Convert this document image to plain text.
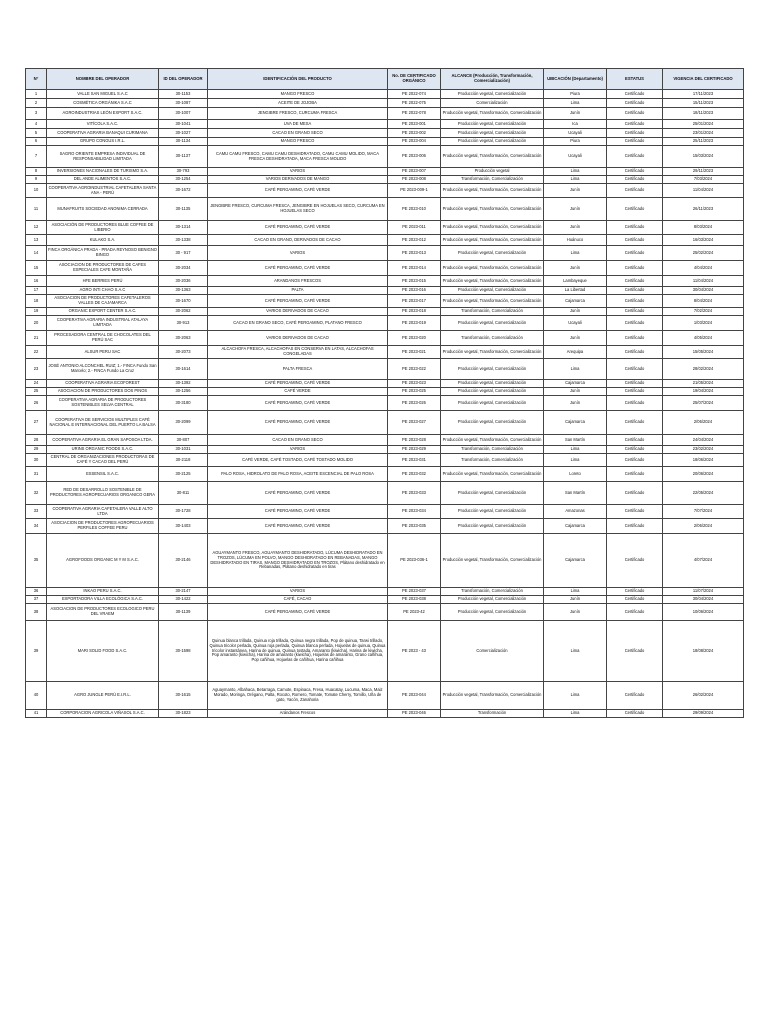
N°	NOMBRE DEL OPERADOR	ID DEL OPERADOR	IDENTIFICACIÓN DEL PRODUCTO	No. DE CERTIFICADO ORGÁNICO	ALCANCE (Producción, Transformación, Comercialización)	UBICACIÓN (Departamento)	ESTATUS	VIGENCIA DEL CERTIFICADO
1	VALLE SAN MIGUEL S.A.C	30-1153	MANGO FRESCO	PE 2022-074	Producción vegetal, Comercialización	Piura	Certificado	17/11/2023
2	COSMÉTICA ORGÁNIKA S.A.C	30-1087	ACEITE DE JOJOBA	PE 2022-075	Comercialización	Lima	Certificado	15/11/2023
3	AGROINDUSTRIAS LEÓN EXPORT S.A.C.	30-1007	JENGIBRE FRESCO, CURCUMA FRESCA	PE 2022-078	Producción vegetal, Transformación, Comercialización	Junín	Certificado	18/11/2023
4	VITÍCOLA S.A.C.	30-1041	UVA DE MESA	PE 2023-001	Producción vegetal, Comercialización	Ica	Certificado	25/01/2024
5	COOPERATIVA AGRARIA BANAQUI CURIMANA	30-1027	CACAO EN GRANO SECO	PE 2023-002	Producción vegetal, Comercialización	Ucayali	Certificado	23/01/2024
6	GRUPO CONGUS I.R.L.	30-1134	MANGO FRESCO	PE 2023-004	Producción vegetal, Comercialización	Piura	Certificado	25/11/2023
7	SAGRO ORIENTE EMPRESA INDIVIDUAL DE RESPONSABILIDAD LIMITADA	30-1137	CAMU CAMU FRESCO, CAMU CAMU DESHIDRATADO, CAMU CAMU MOLIDO, MACA FRESCA DESHIDRATADA, MACA FRESCA MOLIDO	PE 2023-006	Producción vegetal, Transformación, Comercialización	Ucayali	Certificado	15/03/2024
8	INVERSIONES NACIONALES DE TURISMO S.A.	30-793	VARIOS	PE 2023-007	Producción vegetal	Lima	Certificado	29/11/2023
9	DEL ANDE ALIMENTOS S.A.C.	30-1254	VARIOS DERIVADOS DE MANGO	PE 2023-008	Transformación, Comercialización	Lima	Certificado	7/03/2024
10	COOPERATIVA AGROINDUSTRIAL CAFETALERA SANTA ANA - PERÚ	30-1672	CAFÉ PERGAMINO, CAFÉ VERDE	PE 2023-009-1	Producción vegetal, Transformación, Comercialización	Junín	Certificado	11/04/2024
11	MUNAFRUITS SOCIEDAD ANONIMA CERRADA	30-1135	JENGIBRE FRESCO, CURCUMA FRESCA, JENGIBRE EN HOJUELAS SECO, CURCUMA EN HOJUELAS SECO	PE 2023-010	Producción vegetal, Transformación, Comercialización	Junín	Certificado	26/11/2023
12	ASOCIACIÓN DE PRODUCTORES BLUE COFFEE DE LIBERIO	30-1314	CAFÉ PERGAMINO, CAFÉ VERDE	PE 2023-011	Producción vegetal, Transformación, Comercialización	Junín	Certificado	8/03/2024
13	KULAKO S.A.	30-1338	CACAO EN GRANO, DERIVADOS DE CACAO	PE 2023-012	Producción vegetal, Transformación, Comercialización	Huánuco	Certificado	16/03/2024
14	FINCA ORGÁNICA PRADA - PRADA REYNOSO BENIGNO BINGO	30 - 917	VARIOS	PE 2023-013	Producción vegetal, Comercialización	Lima	Certificado	25/02/2024
15	ASOCIACION DE PRODUCTORES DE CAFES ESPECIALES CAFE MONTAÑA	30-2034	CAFÉ PERGAMINO, CAFÉ VERDE	PE 2023-014	Producción vegetal, Transformación, Comercialización	Junín	Certificado	4/04/2024
16	HFE BERRIES PERÚ	30-2036	ARANDANOS FRESCOS	PE 2023-015	Producción vegetal, Transformación, Comercialización	Lambayeque	Certificado	11/04/2024
17	AGRO INTI CHAO S.A.C	30-1363	PALTA	PE 2023-016	Producción vegetal, Comercialización	La Libertad	Certificado	30/04/2024
18	ASOCIACION DE PRODUCTORES CAFETALEROS VALLES DE CAJAMARCA	30-1670	CAFÉ PERGAMINO, CAFÉ VERDE	PE 2023-017	Producción vegetal, Transformación, Comercialización	Cajamarca	Certificado	8/04/2024
19	ORGANIC EXPORT CENTER S.A.C.	30-2062	VARIOS DERIVADOS DE CACAO	PE 2023-018	Transformación, Comercialización	Junín	Certificado	7/02/2024
20	COOPERATIVA AGRARIA INDUSTRIAL ATALAYA LIMITADA	30-913	CACAO EN GRANO SECO, CAFÉ PERGAMINO, PLATANO FRESCO	PE 2023-019	Producción vegetal, Comercialización	Ucayali	Certificado	1/03/2024
21	PROCESADORA CENTRAL DE CHOCOLATES DEL PERÚ SAC	30-2063	VARIOS DERIVADOS DE CACAO	PE 2023-020	Transformación, Comercialización	Junín	Certificado	4/05/2024
22	ALSUR PERU SAC	30-2073	ALCACHOFA FRESCA, ALCACHOFAS EN CONSERVA EN LATAS, ALCACHOFAS CONGELADAS	PE 2023-021	Producción vegetal, Transformación, Comercialización	Arequipa	Certificado	15/05/2024
23	JOSÉ ANTONIO ALCONCHEL RUIZ; 1.- FINCA Fundo San Marcelo; 2.- FINCA Fundo La Cruz	30-1614	PALTA FRESCA	PE 2023-022	Producción vegetal, Comercialización	Lima	Certificado	28/02/2024
24	COOPERATIVA AGRARIA ECOFOREST	30-1392	CAFÉ PERGAMINO, CAFÉ VERDE	PE 2023-023	Producción vegetal, Comercialización	Cajamarca	Certificado	21/05/2024
25	ASOCIACION DE PRODUCTORES DOS PINOS	30-1256	CAFÉ VERDE	PE 2023-025	Producción vegetal, Comercialización	Junín	Certificado	19/04/2024
26	COOPERATIVA AGRARIA DE PRODUCTORES SOSTENIBLES SELVA CENTRAL	30-3180	CAFÉ PERGAMINO, CAFÉ VERDE	PE 2023-026	Producción vegetal, Comercialización	Junín	Certificado	25/07/2024
27	COOPERATIVA DE SERVICIOS MULTIPLES CAFÉ NACIONAL E INTERNACIONAL DEL PUERTO LA BALSA	30-2099	CAFÉ PERGAMINO, CAFÉ VERDE	PE 2023-027	Producción vegetal, Comercialización	Cajamarca	Certificado	2/06/2024
28	COOPERATIVA AGRARIA EL GRAN SAPOSOA LTDA.	30-807	CACAO EN GRANO SECO	PE 2023-028	Producción vegetal, Transformación, Comercialización	San Martín	Certificado	24/04/2024
29	URINS ORGANIC FOODS S.A.C.	30-1031	VARIOS	PE 2023-029	Transformación, Comercialización	Lima	Certificado	23/02/2024
30	CENTRAL DE ORGANIZACIONES PRODUCTORAS DE CAFÉ Y CACAO DEL PERÚ	30-2118	CAFÉ VERDE, CAFÉ TOSTADO, CAFÉ TOSTADO MOLIDO	PE 2023-031	Transformación, Comercialización	Lima	Certificado	18/06/2024
31	ESSENSIL S.A.C.	30-2125	PALO ROSA, HIDROLATO DE PALO ROSA, ACEITE ESCENCIAL DE PALO ROSA	PE 2023-032	Producción vegetal, Transformación, Comercialización	Loreto	Certificado	20/06/2024
32	RED DE DESARROLLO SOSTENIBLE DE PRODUCTORES AGROPECUARIOS ORGANICO GERA	30-811	CAFÉ PERGAMINO, CAFÉ VERDE	PE 2023-033	Producción vegetal, Comercialización	San Martín	Certificado	22/05/2024
33	COOPERATIVA AGRARIA CAFETALERA VALLE ALTO LTDA	30-1728	CAFÉ PERGAMINO, CAFÉ VERDE	PE 2023-034	Producción vegetal, Comercialización	Amazonas	Certificado	7/07/2024
34	ASOCIACION DE PRODUCTORES AGROPECUARIOS PERFILES COFFEE PERU	30-1403	CAFÉ PERGAMINO, CAFÉ VERDE	PE 2023-035	Producción vegetal, Comercialización	Cajamarca	Certificado	2/06/2024
35	AGROFOODS ORGANIC M Y M S.A.C.	30-2146	AGUAYMANTO FRESCO, AGUAYMANTO DESHIDRATADO, LÚCUMA DESHIDRATADO EN TROZOS, LÚCUMA EN POLVO, MANGO DESHIDRATADO EN REBANADAS, MANGO DESHIDRATADO EN TIRAS, MANGO DESHIDRATADO EN TROZOS, Plátano deshidratado en Rebanadas, Plátano deshidratado en tiras	PE 2023-036-1	Producción vegetal, Transformación, Comercialización	Cajamarca	Certificado	4/07/2024
36	INKAO PERU S.A.C.	30-2147	VARIOS	PE 2023-037	Transformación, Comercialización	Lima	Certificado	11/07/2024
37	EXPORTADORA VILLA ECOLÓGICA S.A.C.	30-1422	CAFÉ, CACAO	PE 2023-038	Producción vegetal, Comercialización	Junín	Certificado	30/04/2024
38	ASOCIACION DE PRODUCTORES ECOLOGICO PERU DEL VRAEM	30-1139	CAFÉ PERGAMINO, CAFÉ VERDE	PE 2023-42	Producción vegetal, Comercialización	Junín	Certificado	10/06/2024
39	MARI SOLID FOOD S.A.C.	30-1598	Quinua blanca trillada, Quinua roja trillada, Quinua negra trillada, Pop de quinua, Tarwi trillado, Quinua tricolor perlada, Quinua roja perlada, Quinua blanca perlada, Hojuelas de quinua, Quinua tricolor instantánea, Harina de quinua, Quinua tostada, Amaranto (kiwicha), Harina de kiwicha, Pop amaranto (kiwicha), Harina de amaranto (kiwicha), Hojuelas de amaranto, Grano cañihua, Pop cañihua, Hojuelas de cañihua, Harina cañihua	PE 2023 - 43	Comercialización	Lima	Certificado	18/08/2024
40	AGRO JUNGLE PERÚ E.I.R.L.	30-1615	Aguaymanto, Albahaca, Betarraga, Camote, Espinaca, Fresa, Huacatay, Lucuma, Maca, Maiz Morado, Moringa, Orégano, Palta, Rocoto, Romero, Tomate, Tomate Cherry, Tomillo, Uña de gato, Yacón, Zanahoria	PE 2023-044	Producción vegetal, Transformación, Comercialización	Lima	Certificado	26/02/2024
41	CORPORACION AGRICOLA VIÑASOL S.A.C.	30-1823	Arándanos Frescos	PE 2023-046	Transformación	Lima	Certificado	29/09/2024
